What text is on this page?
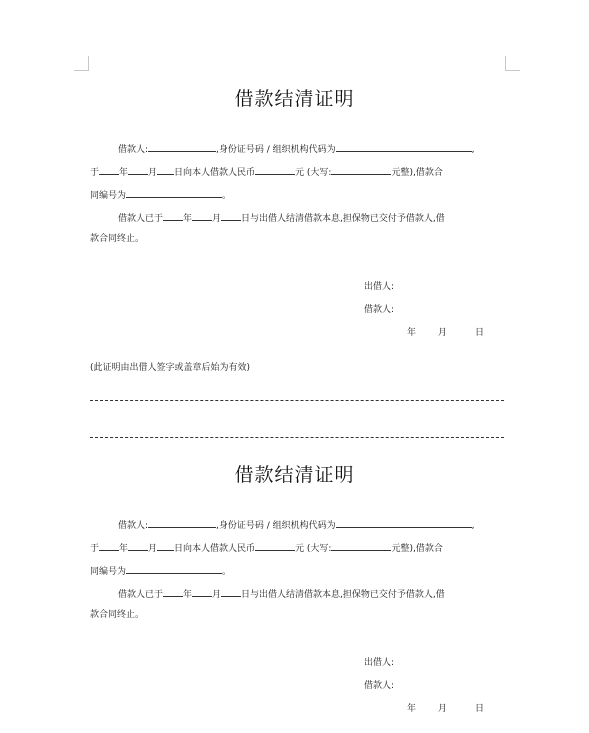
借款结清证明
借款人:	,身份证号码 / 组织机构代码为	,
于 年 月 日向本人借款人民币	元 (大写:	元整),借款合
同编号为	。
借款人已于 年 月 日与出借人结清借款本息,担保物已交付予借款人,借
款合同终止。
出借人:
借款人:
年 月	日
(此证明由出借人签字或盖章后始为有效)
借款结清证明
借款人:	,身份证号码 / 组织机构代码为	,
于 年 月 日向本人借款人民币	元 (大写:	元整),借款合
同编号为	。
借款人已于 年 月 日与出借人结清借款本息,担保物已交付予借款人,借
款合同终止。
出借人:
借款人:
年 月	日
